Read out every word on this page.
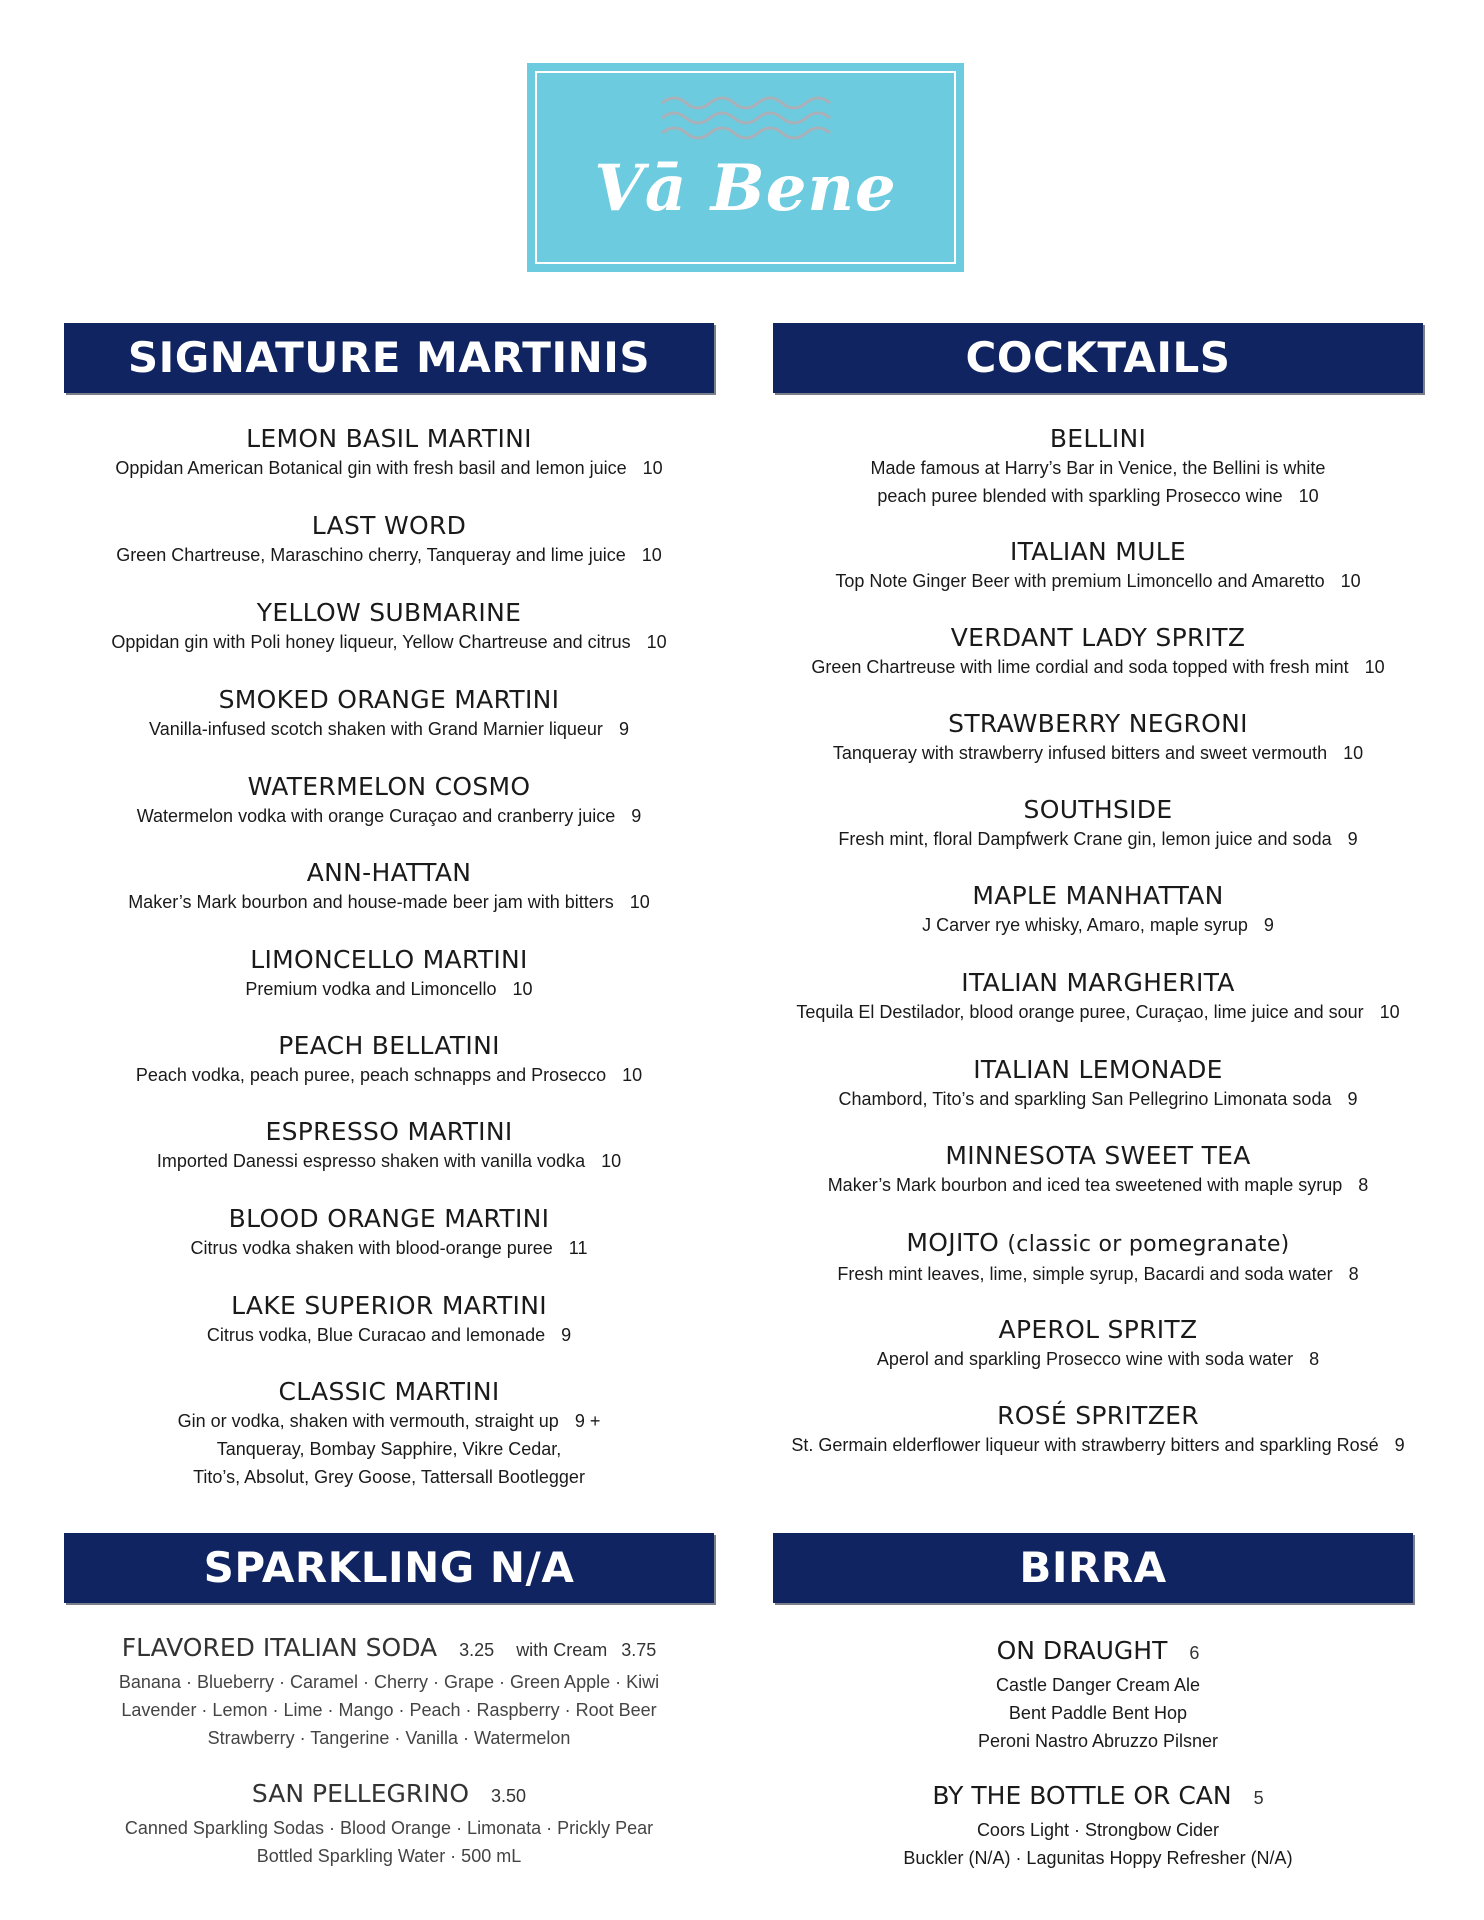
Vā Bene
SIGNATURE MARTINIS	COCKTAILS
SPARKLING N/A	BIRRA
LEMON BASIL MARTINI
Oppidan American Botanical gin with fresh basil and lemon juice 10
LAST WORD
Green Chartreuse, Maraschino cherry, Tanqueray and lime juice 10
YELLOW SUBMARINE
Oppidan gin with Poli honey liqueur, Yellow Chartreuse and citrus 10
SMOKED ORANGE MARTINI
Vanilla-infused scotch shaken with Grand Marnier liqueur 9
WATERMELON COSMO
Watermelon vodka with orange Curaçao and cranberry juice 9
ANN-HATTAN
Maker’s Mark bourbon and house-made beer jam with bitters 10
LIMONCELLO MARTINI
Premium vodka and Limoncello 10
PEACH BELLATINI
Peach vodka, peach puree, peach schnapps and Prosecco 10
ESPRESSO MARTINI
Imported Danessi espresso shaken with vanilla vodka 10
BLOOD ORANGE MARTINI
Citrus vodka shaken with blood-orange puree 11
LAKE SUPERIOR MARTINI
Citrus vodka, Blue Curacao and lemonade 9
CLASSIC MARTINI
Gin or vodka, shaken with vermouth, straight up 9 +
Tanqueray, Bombay Sapphire, Vikre Cedar,
Tito’s, Absolut, Grey Goose, Tattersall Bootlegger
BELLINI
Made famous at Harry’s Bar in Venice, the Bellini is white
peach puree blended with sparkling Prosecco wine 10
ITALIAN MULE
Top Note Ginger Beer with premium Limoncello and Amaretto 10
VERDANT LADY SPRITZ
Green Chartreuse with lime cordial and soda topped with fresh mint 10
STRAWBERRY NEGRONI
Tanqueray with strawberry infused bitters and sweet vermouth 10
SOUTHSIDE
Fresh mint, floral Dampfwerk Crane gin, lemon juice and soda 9
MAPLE MANHATTAN
J Carver rye whisky, Amaro, maple syrup 9
ITALIAN MARGHERITA
Tequila El Destilador, blood orange puree, Curaçao, lime juice and sour 10
ITALIAN LEMONADE
Chambord, Tito’s and sparkling San Pellegrino Limonata soda 9
MINNESOTA SWEET TEA
Maker’s Mark bourbon and iced tea sweetened with maple syrup 8
MOJITO (classic or pomegranate)
Fresh mint leaves, lime, simple syrup, Bacardi and soda water 8
APEROL SPRITZ
Aperol and sparkling Prosecco wine with soda water 8
ROSÉ SPRITZER
St. Germain elderflower liqueur with strawberry bitters and sparkling Rosé 9
FLAVORED ITALIAN SODA 3.25 with Cream 3.75
Banana · Blueberry · Caramel · Cherry · Grape · Green Apple · Kiwi
Lavender · Lemon · Lime · Mango · Peach · Raspberry · Root Beer
Strawberry · Tangerine · Vanilla · Watermelon
SAN PELLEGRINO 3.50
Canned Sparkling Sodas · Blood Orange · Limonata · Prickly Pear
Bottled Sparkling Water · 500 mL
ON DRAUGHT 6
Castle Danger Cream Ale
Bent Paddle Bent Hop
Peroni Nastro Abruzzo Pilsner
BY THE BOTTLE OR CAN 5
Coors Light · Strongbow Cider
Buckler (N/A) · Lagunitas Hoppy Refresher (N/A)
